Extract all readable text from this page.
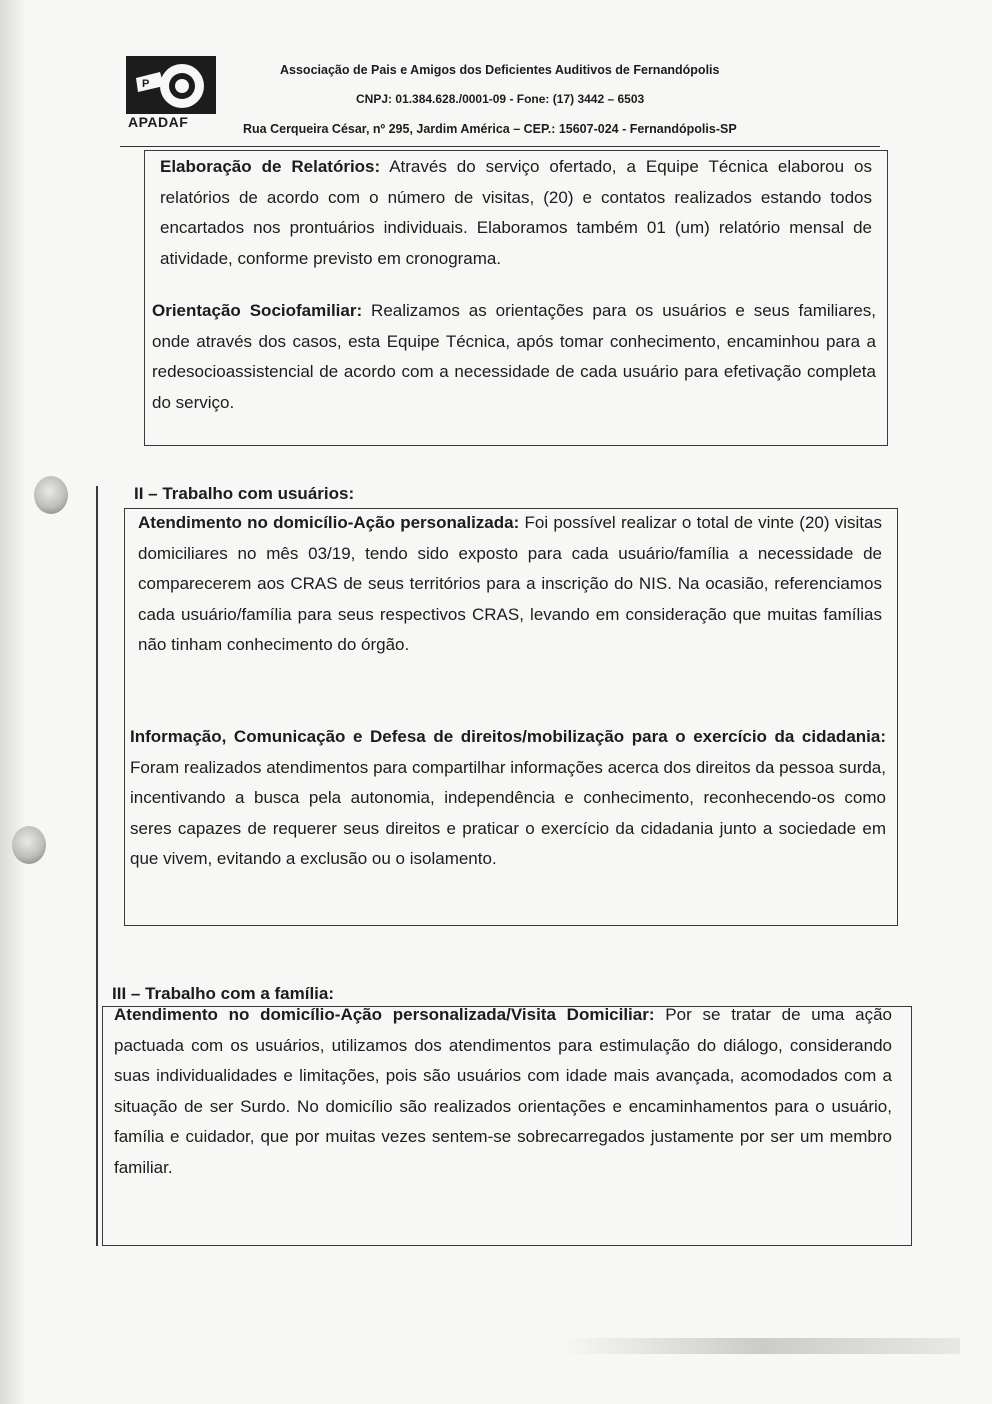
P
APADAF
Associação de Pais e Amigos dos Deficientes Auditivos de Fernandópolis
CNPJ: 01.384.628./0001-09 - Fone: (17) 3442 – 6503
Rua Cerqueira César, nº 295, Jardim América – CEP.: 15607-024 - Fernandópolis-SP
Elaboração de Relatórios: Através do serviço ofertado, a Equipe Técnica elaborou os relatórios de acordo com o número de visitas, (20) e contatos realizados estando todos encartados nos prontuários individuais. Elaboramos também 01 (um) relatório mensal de atividade, conforme previsto em cronograma.
Orientação Sociofamiliar: Realizamos as orientações para os usuários e seus familiares, onde através dos casos, esta Equipe Técnica, após tomar conhecimento, encaminhou para a redesocioassistencial de acordo com a necessidade de cada usuário para efetivação completa do serviço.
II – Trabalho com usuários:
Atendimento no domicílio-Ação personalizada: Foi possível realizar o total de vinte (20) visitas domiciliares no mês 03/19, tendo sido exposto para cada usuário/família a necessidade de comparecerem aos CRAS de seus territórios para a inscrição do NIS. Na ocasião, referenciamos cada usuário/família para seus respectivos CRAS, levando em consideração que muitas famílias não tinham conhecimento do órgão.
Informação, Comunicação e Defesa de direitos/mobilização para o exercício da cidadania: Foram realizados atendimentos para compartilhar informações acerca dos direitos da pessoa surda, incentivando a busca pela autonomia, independência e conhecimento, reconhecendo-os como seres capazes de requerer seus direitos e praticar o exercício da cidadania junto a sociedade em que vivem, evitando a exclusão ou o isolamento.
III – Trabalho com a família:
Atendimento no domicílio-Ação personalizada/Visita Domiciliar: Por se tratar de uma ação pactuada com os usuários, utilizamos dos atendimentos para estimulação do diálogo, considerando suas individualidades e limitações, pois são usuários com idade mais avançada, acomodados com a situação de ser Surdo. No domicílio são realizados orientações e encaminhamentos para o usuário, família e cuidador, que por muitas vezes sentem-se sobrecarregados justamente por ser um membro familiar.
